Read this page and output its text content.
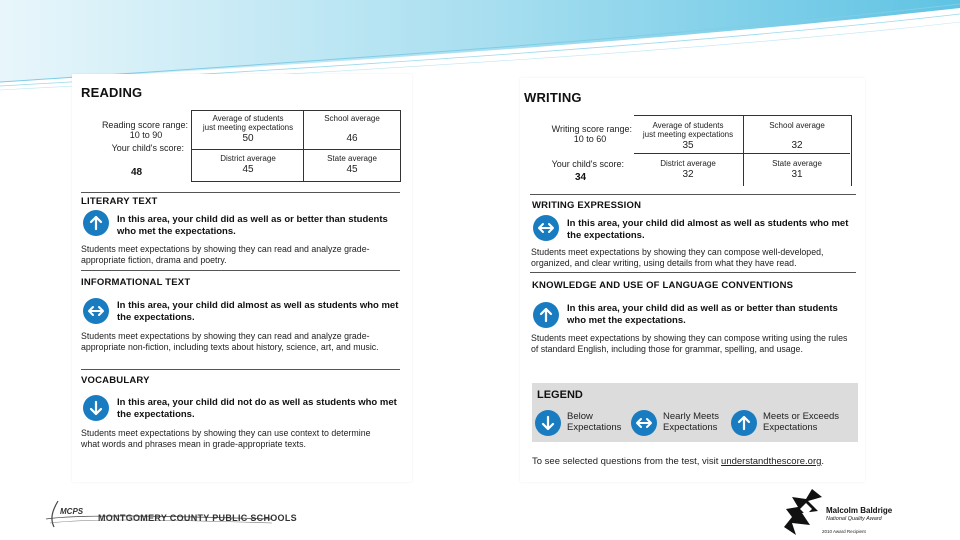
READING
Reading score range:
10 to 90
Your child's score:
48
Average of students
just meeting expectations
50
School average

46
District average
45
State average
45
LITERARY TEXT
In this area, your child did as well as or better than students who met the expectations.
Students meet expectations by showing they can read and analyze grade-appropriate fiction, drama and poetry.
INFORMATIONAL TEXT
In this area, your child did almost as well as students who met the expectations.
Students meet expectations by showing they can read and analyze grade-appropriate non-fiction, including texts about history, science, art, and music.
VOCABULARY
In this area, your child did not do as well as students who met the expectations.
Students meet expectations by showing they can use context to determine what words and phrases mean in grade-appropriate texts.
WRITING
Writing score range:
10 to 60
Your child's score:
34
Average of students
just meeting expectations
35
School average

32
District average
32
State average
31
WRITING EXPRESSION
In this area, your child did almost as well as students who met the expectations.
Students meet expectations by showing they can compose well-developed, organized, and clear writing, using details from what they have read.
KNOWLEDGE AND USE OF LANGUAGE CONVENTIONS
In this area, your child did as well as or better than students who met the expectations.
Students meet expectations by showing they can compose writing using the rules of standard English, including those for grammar, spelling, and usage.
LEGEND
Below
Expectations
Nearly Meets
Expectations
Meets or Exceeds
Expectations
To see selected questions from the test, visit understandthescore.org.
MCPS
MONTGOMERY COUNTY PUBLIC SCHOOLS
Malcolm Baldrige
National Quality Award
2010 Award Recipient
